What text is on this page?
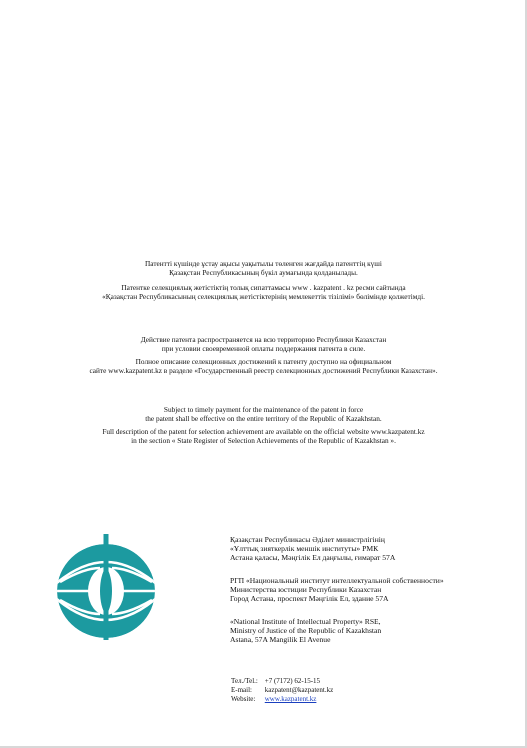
Патентті күшінде ұстау ақысы уақытылы төленген жағдайда патенттің күші
Қазақстан Республикасының бүкіл аумағында қолданылады.
Патентке селекциялық жетістіктің толық сипаттамасы www . kazpatent . kz ресми сайтында
«Қазақстан Республикасының селекциялық жетістіктерінің мемлекеттік тізілімі» бөлімінде қолжетімді.
Действие патента распространяется на всю территорию Республики Казахстан
при условии своевременной оплаты поддержания патента в силе.
Полное описание селекционных достижений к патенту доступно на официальном
сайте www.kazpatent.kz в разделе «Государственный реестр селекционных достижений Республики Казахстан».
Subject to timely payment for the maintenance of the patent in force
the patent shall be effective on the entire territory of the Republic of Kazakhstan.
Full description of the patent for selection achievement are available on the official website www.kazpatent.kz
in the section « State Register of Selection Achievements of the Republic of Kazakhstan ».
Қазақстан Республикасы Әділет министрлігінің
«Ұлттық зияткерлік меншік институты» РМК
Астана қаласы, Мәңгілік Ел даңғылы, ғимарат 57А
РГП «Национальный институт интеллектуальной собственности»
Министерства юстиции Республики Казахстан
Город Астана, проспект Мәңгілік Ел, здание 57А
«National Institute of Intellectual Property» RSE,
Ministry of Justice of the Republic of Kazakhstan
Astana, 57A Mangilik El Avenue
Тел./Tel.: +7 (7172) 62-15-15
E-mail: kazpatent@kazpatent.kz
Website: www.kazpatent.kz
